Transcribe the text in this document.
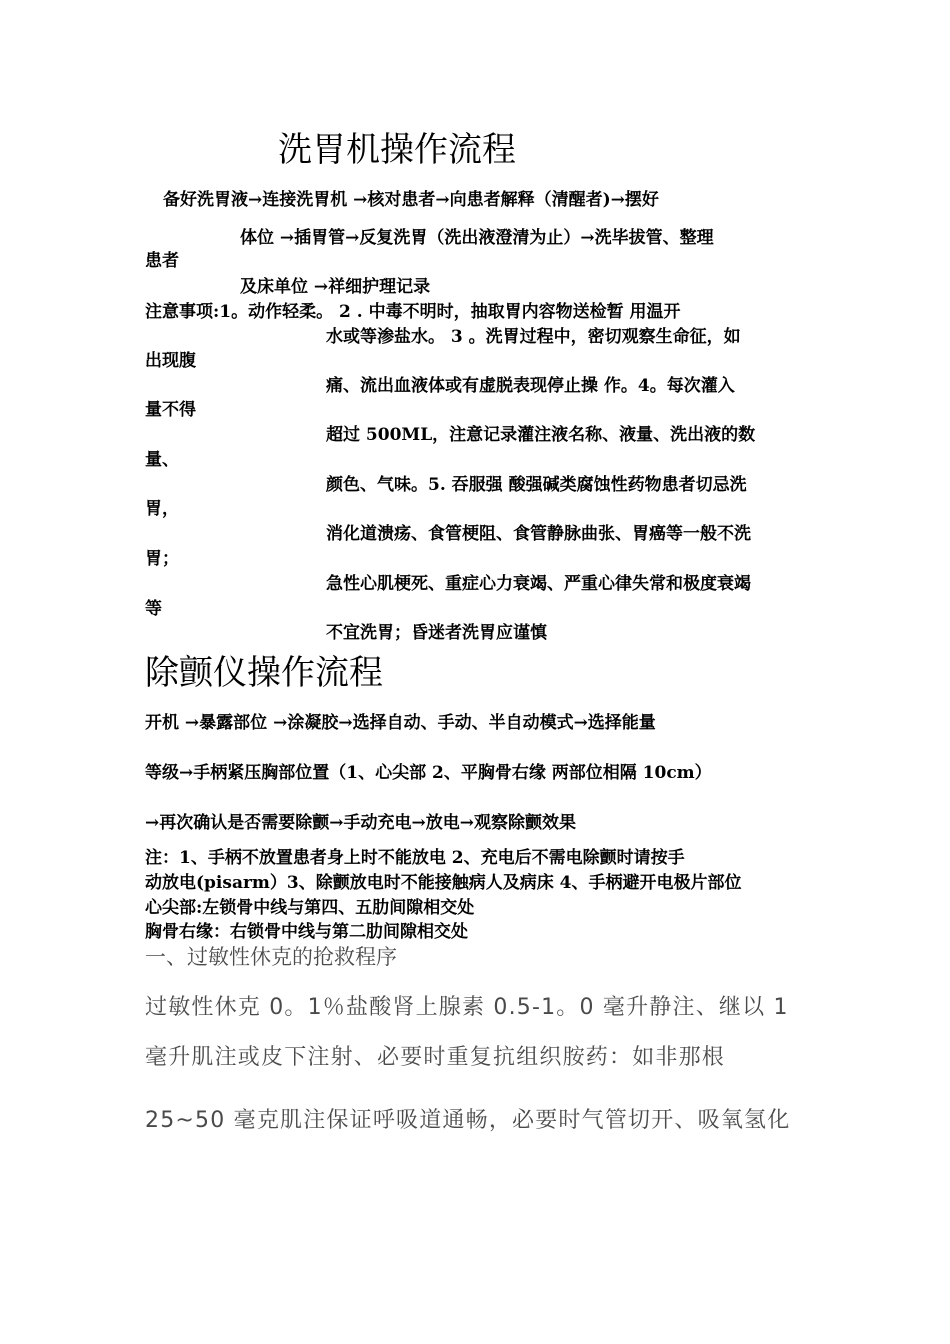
洗胃机操作流程
备好洗胃液→连接洗胃机 →核对患者→向患者解释（清醒者)→摆好
体位 →插胃管→反复洗胃（洗出液澄清为止）→洗毕拔管、整理
患者
及床单位 →祥细护理记录
注意事项:1。动作轻柔。 2 . 中毒不明时，抽取胃内容物送检暂 用温开
水或等渗盐水。 3 。洗胃过程中，密切观察生命征，如
出现腹
痛、流出血液体或有虚脱表现停止操 作。4。每次灌入
量不得
超过 500ML，注意记录灌注液名称、液量、洗出液的数
量、
颜色、气味。5. 吞服强 酸强碱类腐蚀性药物患者切忌洗
胃，
消化道溃疡、食管梗阻、食管静脉曲张、胃癌等一般不洗
胃；
急性心肌梗死、重症心力衰竭、严重心律失常和极度衰竭
等
不宜洗胃；昏迷者洗胃应谨慎
除颤仪操作流程
开机 →暴露部位 →涂凝胶→选择自动、手动、半自动模式→选择能量
等级→手柄紧压胸部位置（1、心尖部 2、平胸骨右缘 两部位相隔 10cm）
→再次确认是否需要除颤→手动充电→放电→观察除颤效果
注：1、手柄不放置患者身上时不能放电 2、充电后不需电除颤时请按手
动放电(pisarm）3、除颤放电时不能接触病人及病床 4、手柄避开电极片部位
心尖部:左锁骨中线与第四、五肋间隙相交处
胸骨右缘：右锁骨中线与第二肋间隙相交处
一、过敏性休克的抢救程序
过敏性休克 0。1％盐酸肾上腺素 0.5-1。0 毫升静注、继以 1
毫升肌注或皮下注射、必要时重复抗组织胺药：如非那根
25~50 毫克肌注保证呼吸道通畅，必要时气管切开、吸氧氢化
